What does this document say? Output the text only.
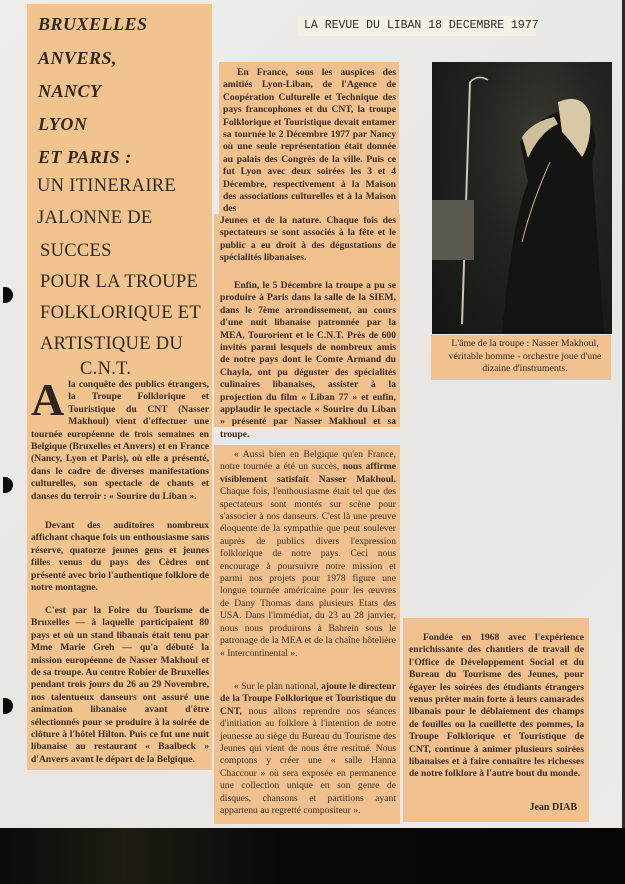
LA REVUE DU LIBAN 18 DECEMBRE 1977
BRUXELLES
ANVERS,
NANCY
LYON
ET PARIS :
UN ITINERAIRE
JALONNE DE
SUCCES
POUR LA TROUPE
FOLKLORIQUE ET
ARTISTIQUE DU
C.N.T.
Ala conquête des publics étrangers, la Troupe Folklorique et Touristique du CNT (Nasser Makhoul) vient d'effectuer une tournée européenne de trois semaines en Belgique (Bruxelles et Anvers) et en France (Nancy, Lyon et Paris), où elle a présenté, dans le cadre de diverses manifestations culturelles, son spectacle de chants et danses du terroir : « Sourire du Liban ».
Devant des auditoires nombreux affichant chaque fois un enthousiasme sans réserve, quatorze jeunes gens et jeunes filles venus du pays des Cèdres ont présenté avec brio l'authentique folklore de notre montagne.
C'est par la Foire du Tourisme de Bruxelles — à laquelle participaient 80 pays et où un stand libanais était tenu par Mme Marie Greh — qu'a débuté la mission européenne de Nasser Makhoul et de sa troupe. Au centre Robier de Bruxelles pendant trois jours du 26 au 29 Novembre, nos talentueux danseurs ont assuré une animation libanaise avant d'être sélectionnés pour se produire à la soirée de clôture à l'hôtel Hilton. Puis ce fut une nuit libanaise au restaurant « Baalbeck » d'Anvers avant le départ de la Belgique.
En France, sous les auspices des amitiés Lyon-Liban, de l'Agence de Coopération Culturelle et Technique des pays francophones et du CNT, la troupe Folklorique et Touristique devait entamer sa tournée le 2 Décembre 1977 par Nancy où une seule représentation était donnée au palais des Congrès de la ville. Puis ce fut Lyon avec deux soirées les 3 et 4 Décembre, respectivement à la Maison des associations culturelles et à la Maison des
Jeunes et de la nature. Chaque fois des spectateurs se sont associés à la fête et le public a eu droit à des dégustations de spécialités libanaises.
Enfin, le 5 Décembre la troupe a pu se produire à Paris dans la salle de la SIEM, dans le 7ème arrondissement, au cours d'une nuit libanaise patronnée par la MEA, Tourorient et le C.N.T. Près de 600 invités parmi lesquels de nombreux amis de notre pays dont le Comte Armand du Chayla, ont pu déguster des spécialités culinaires libanaises, assister à la projection du film « Liban 77 » et enfin, applaudir le spectacle « Sourire du Liban » présenté par Nasser Makhoul et sa troupe.
« Aussi bien en Belgique qu'en France, notre tournée a été un succès, nous affirme visiblement satisfait Nasser Makhoul. Chaque fois, l'enthousiasme était tel que des spectateurs sont montés sur scène pour s'associer à nos danseurs. C'est là une preuve éloquente de la sympathie que peut soulever auprès de publics divers l'expression folklorique de notre pays. Ceci nous encourage à poursuivre notre mission et parmi nos projets pour 1978 figure une longue tournée américaine pour les œuvres de Dany Thomas dans plusieurs Etats des USA. Dans l'immédiat, du 23 au 28 janvier, nous nous produirons à Bahrein sous le patronage de la MEA et de la chaîne hôtelière « Intercontinental ».
« Sur le plan national, ajoute le directeur de la Troupe Folklorique et Touristique du CNT, nous allons reprendre nos séances d'initiation au folklore à l'intention de notre jeunesse au siège du Bureau du Tourisme des Jeunes qui vient de nous être restitué. Nous comptons y créer une « salle Hanna Chaccour » où sera exposée en permanence une collection unique en son genre de disques, chansons et partitions ayant appartenu au regretté compositeur ».
L'âme de la troupe : Nasser Makhoul, véritable homme - orchestre joue d'une dizaine d'instruments.
Fondée en 1968 avec l'expérience enrichissante des chantiers de travail de l'Office de Développement Social et du Bureau du Tourisme des Jeunes, pour égayer les soirées des étudiants étrangers venus prêter main forte à leurs camarades libanais pour le déblaiement des champs de fouilles ou la cueillette des pommes, la Troupe Folklorique et Touristique de CNT, continue à animer plusieurs soirées libanaises et à faire connaître les richesses de notre folklore à l'autre bout du monde.
Jean DIAB
